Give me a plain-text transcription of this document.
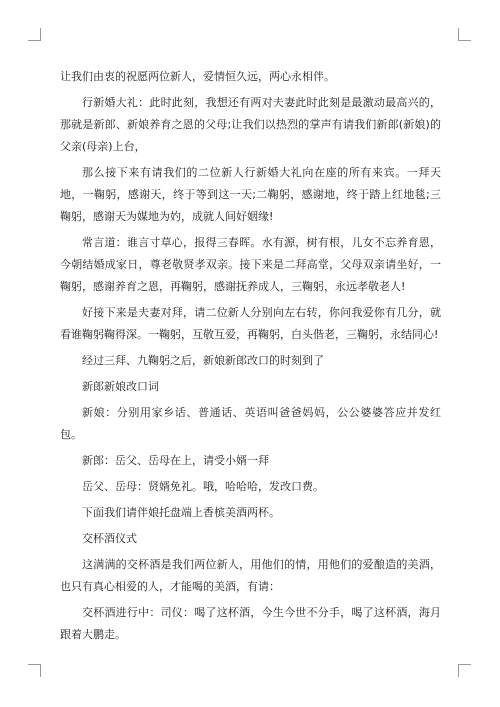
让我们由衷的祝愿两位新人，爱情恒久远，两心永相伴。

行新婚大礼：此时此刻，我想还有两对夫妻此时此刻是最激动最高兴的，那就是新郎、新娘养育之恩的父母;让我们以热烈的掌声有请我们新郎(新娘)的父亲(母亲)上台，

那么接下来有请我们的二位新人行新婚大礼向在座的所有来宾。一拜天地，一鞠躬，感谢天，终于等到这一天;二鞠躬，感谢地，终于踏上红地毯;三鞠躬，感谢天为媒地为妁，成就人间好姻缘!

常言道：谁言寸草心，报得三春晖。水有源，树有根，儿女不忘养育恩，今朝结婚成家日，尊老敬贤孝双亲。接下来是二拜高堂，父母双亲请坐好，一鞠躬，感谢养育之恩，再鞠躬，感谢抚养成人，三鞠躬，永远孝敬老人!

好接下来是夫妻对拜，请二位新人分别向左右转，你问我爱你有几分，就看谁鞠躬鞠得深。一鞠躬，互敬互爱，再鞠躬，白头偕老，三鞠躬，永结同心!

经过三拜、九鞠躬之后，新娘新郎改口的时刻到了

新郎新娘改口词

新娘：分别用家乡话、普通话、英语叫爸爸妈妈，公公婆婆答应并发红包。

新郎：岳父、岳母在上，请受小婿一拜

岳父、岳母：贤婿免礼。哦，哈哈哈，发改口费。

下面我们请伴娘托盘端上香槟美酒两杯。

交杯酒仪式

这满满的交杯酒是我们两位新人，用他们的情，用他们的爱酿造的美酒，也只有真心相爱的人，才能喝的美酒，有请：

交杯酒进行中：司仪：喝了这杯酒，今生今世不分手，喝了这杯酒，海月跟着大鹏走。
